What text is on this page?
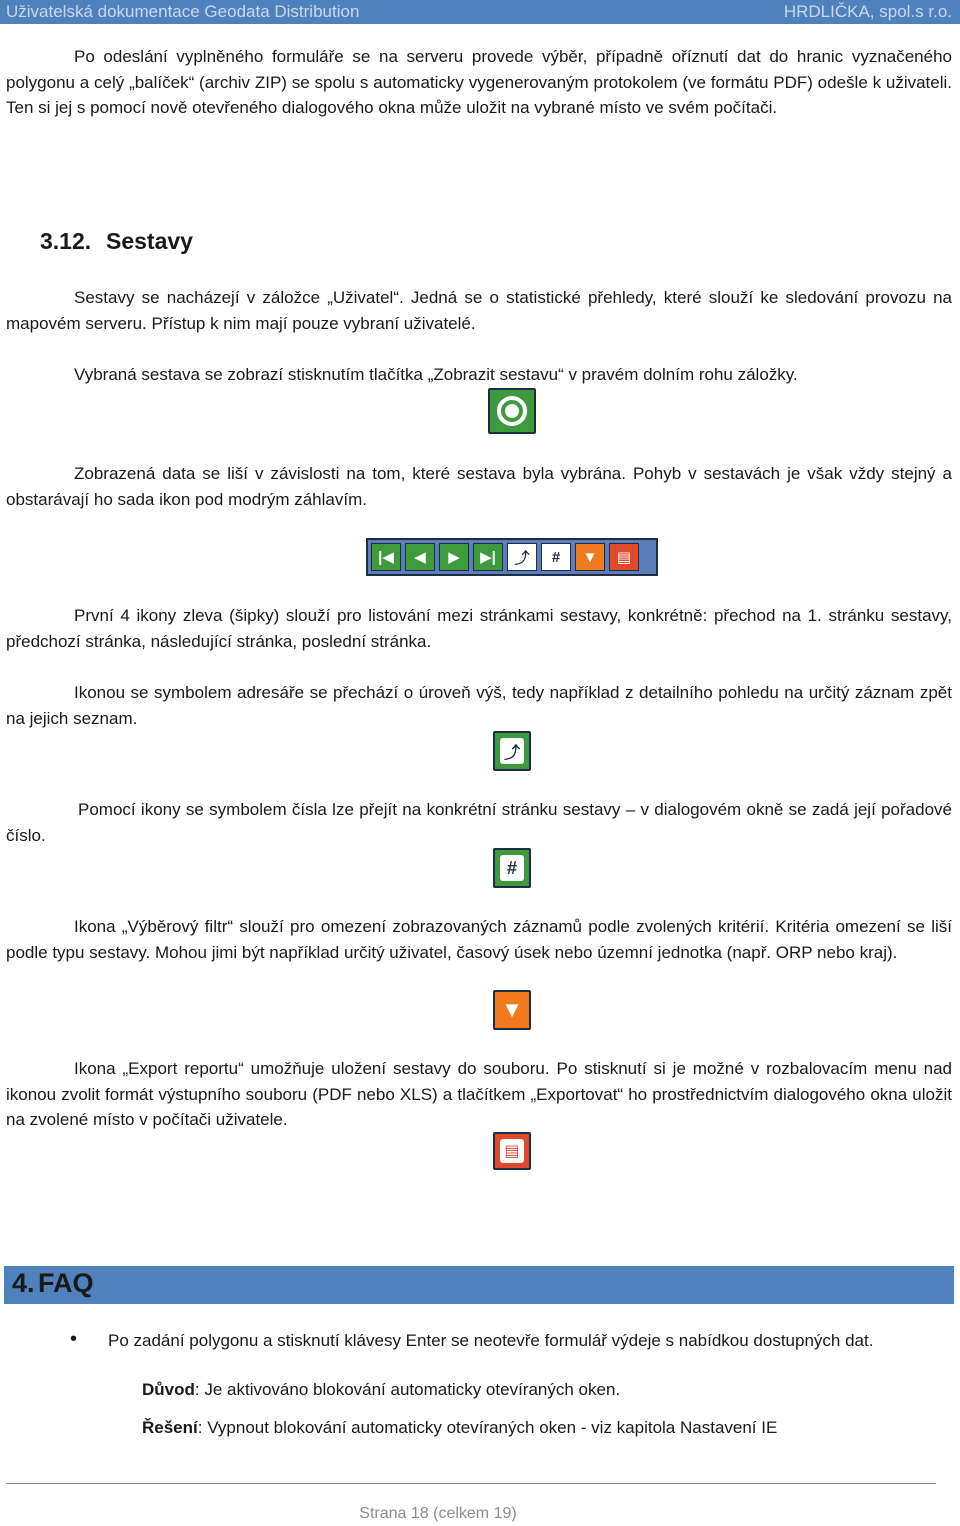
Uživatelská dokumentace Geodata Distribution	HRDLIČKA, spol.s r.o.

Po odeslání vyplněného formuláře se na serveru provede výběr, případně oříznutí dat do hranic vyznačeného polygonu a celý „balíček“ (archiv ZIP) se spolu s automaticky vygenerovaným protokolem (ve formátu PDF) odešle k uživateli. Ten si jej s pomocí nově otevřeného dialogového okna může uložit na vybrané místo ve svém počítači.

3.12. Sestavy

Sestavy se nacházejí v záložce „Uživatel“. Jedná se o statistické přehledy, které slouží ke sledování provozu na mapovém serveru. Přístup k nim mají pouze vybraní uživatelé.

Vybraná sestava se zobrazí stisknutím tlačítka „Zobrazit sestavu“ v pravém dolním rohu záložky.

Zobrazená data se liší v závislosti na tom, které sestava byla vybrána. Pohyb v sestavách je však vždy stejný a obstarávají ho sada ikon pod modrým záhlavím.

|◀	◀	▶	▶|	⤴	#	▼	▤

První 4 ikony zleva (šipky) slouží pro listování mezi stránkami sestavy, konkrétně: přechod na 1. stránku sestavy, předchozí stránka, následující stránka, poslední stránka.

Ikonou se symbolem adresáře se přechází o úroveň výš, tedy například z detailního pohledu na určitý záznam zpět na jejich seznam.

⤴

Pomocí ikony se symbolem čísla lze přejít na konkrétní stránku sestavy – v dialogovém okně se zadá její pořadové číslo.

#

Ikona „Výběrový filtr“ slouží pro omezení zobrazovaných záznamů podle zvolených kritérií. Kritéria omezení se liší podle typu sestavy. Mohou jimi být například určitý uživatel, časový úsek nebo územní jednotka (např. ORP nebo kraj).

▼

Ikona „Export reportu“ umožňuje uložení sestavy do souboru. Po stisknutí si je možné v rozbalovacím menu nad ikonou zvolit formát výstupního souboru (PDF nebo XLS) a tlačítkem „Exportovat“ ho prostřednictvím dialogového okna uložit na zvolené místo v počítači uživatele.

▤
4. FAQ
• Po zadání polygonu a stisknutí klávesy Enter se neotevře formulář výdeje s nabídkou dostupných dat.

Důvod: Je aktivováno blokování automaticky otevíraných oken.

Řešení: Vypnout blokování automaticky otevíraných oken - viz kapitola Nastavení IE

Strana 18 (celkem 19)
